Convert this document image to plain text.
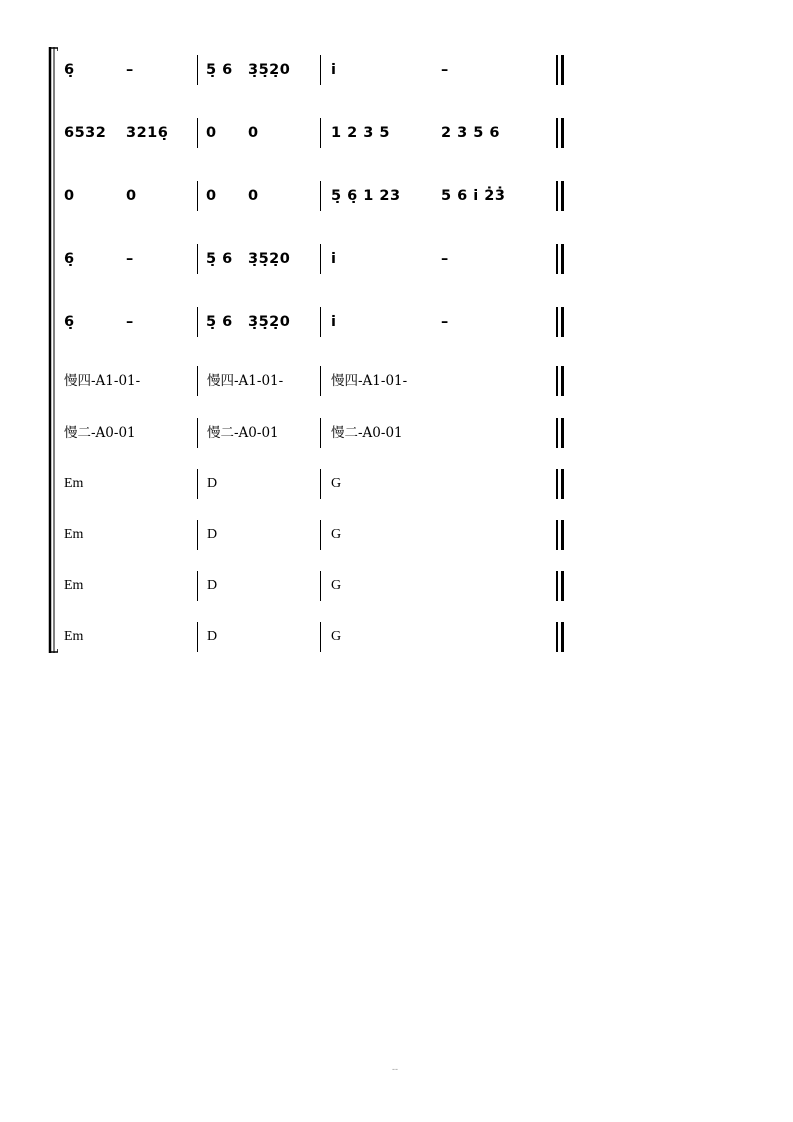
6̣	–	5̣ 6 3̣5̣2̣0	i̇	–
6532 3216̣	0 0	1 2 3 5	2 3 5 6
0	0	0 0	5̣ 6̣ 1 23	5 6 i̇ 2̇3̇
6̣	–	5̣ 6 3̣5̣2̣0	i̇	–
6̣	–	5̣ 6 3̣5̣2̣0	i̇	–
慢四-A1-01-	慢四-A1-01-	慢四-A1-01-
慢二-A0-01	慢二-A0-01	慢二-A0-01
Em	D	G
Em	D	G
Em	D	G
Em	D	G
--
